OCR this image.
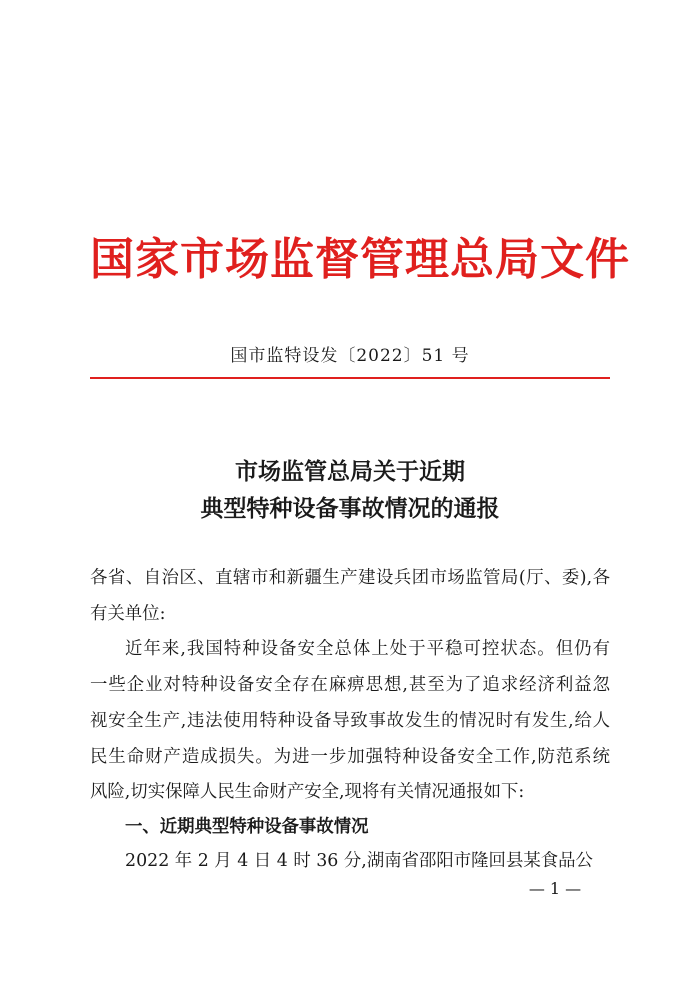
国家市场监督管理总局文件
国市监特设发〔2022〕51 号
市场监管总局关于近期
典型特种设备事故情况的通报
各省、自治区、直辖市和新疆生产建设兵团市场监管局(厅、委),各
有关单位:
近年来,我国特种设备安全总体上处于平稳可控状态。但仍有
一些企业对特种设备安全存在麻痹思想,甚至为了追求经济利益忽
视安全生产,违法使用特种设备导致事故发生的情况时有发生,给人
民生命财产造成损失。为进一步加强特种设备安全工作,防范系统
风险,切实保障人民生命财产安全,现将有关情况通报如下:
一、近期典型特种设备事故情况
2022 年 2 月 4 日 4 时 36 分,湖南省邵阳市隆回县某食品公
— 1 —
